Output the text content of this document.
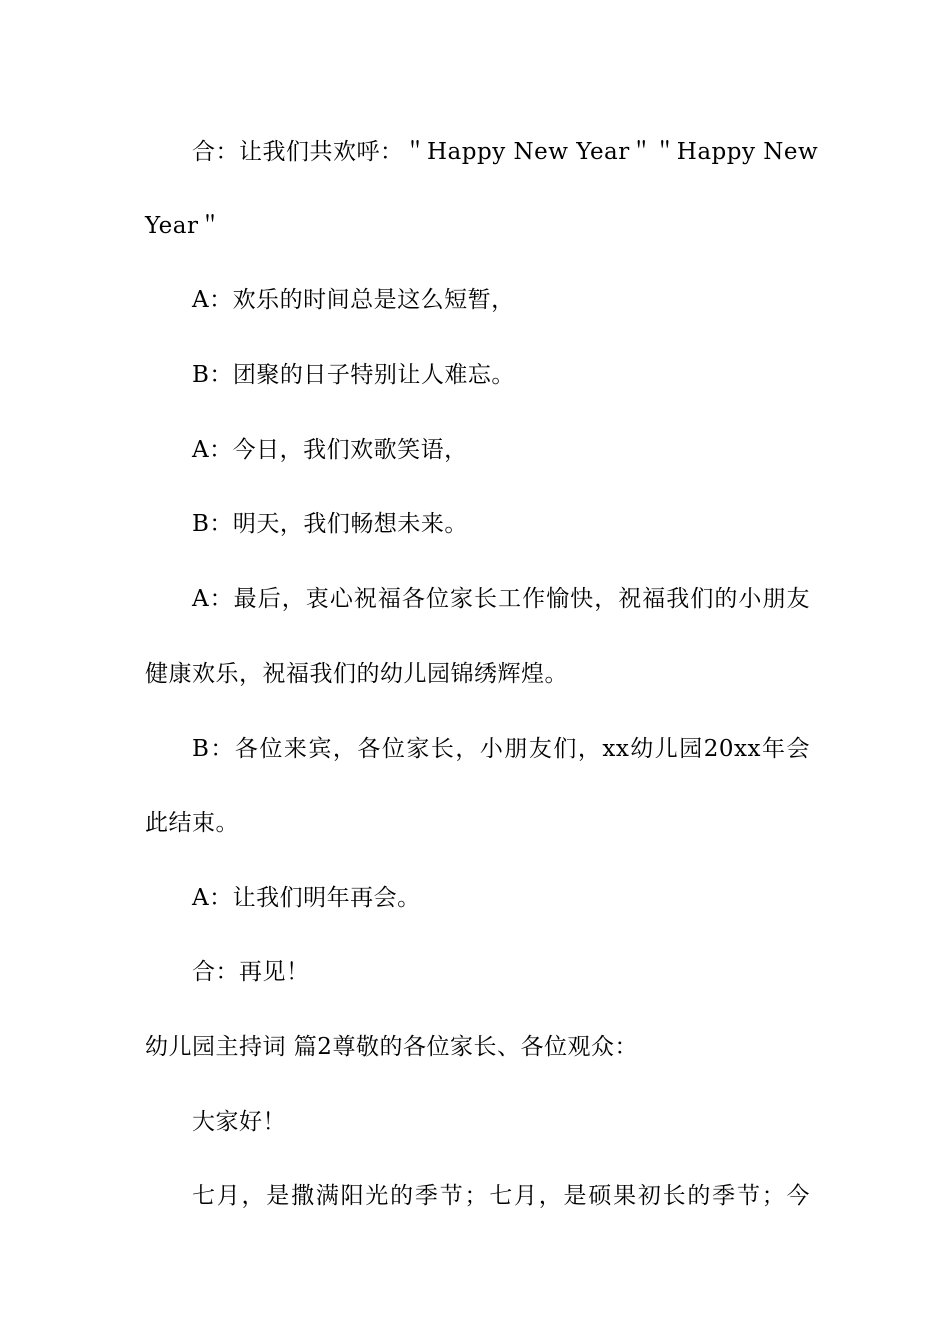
合：让我们共欢呼：＂Happy New Year＂＂Happy New
Year＂
A：欢乐的时间总是这么短暂，
B：团聚的日子特别让人难忘。
A：今日，我们欢歌笑语，
B：明天，我们畅想未来。
A：最后，衷心祝福各位家长工作愉快，祝福我们的小朋友
健康欢乐，祝福我们的幼儿园锦绣辉煌。
B：各位来宾，各位家长，小朋友们，xx幼儿园20xx年会
此结束。
A：让我们明年再会。
合：再见！
幼儿园主持词 篇2尊敬的各位家长、各位观众：
大家好！
七月，是撒满阳光的季节；七月，是硕果初长的季节；今
